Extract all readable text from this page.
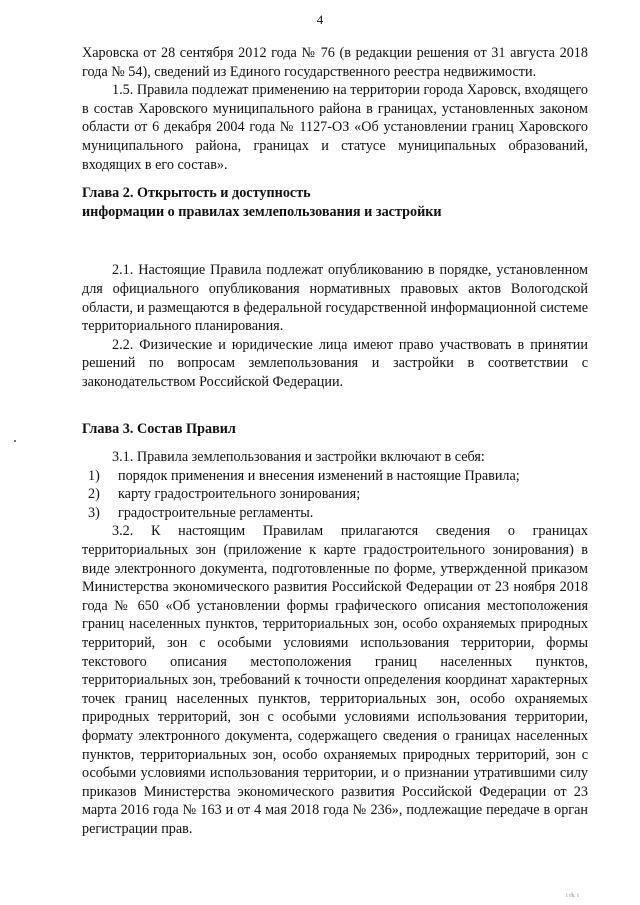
4

Харовска от 28 сентября 2012 года № 76 (в редакции решения от 31 августа 2018 года № 54), сведений из Единого государственного реестра недвижимости.

1.5. Правила подлежат применению на территории города Харовск, входящего в состав Харовского муниципального района в границах, установленных законом области от 6 декабря 2004 года № 1127-ОЗ «Об установлении границ Харовского муниципального района, границах и статусе муниципальных образований, входящих в его состав».

Глава 2. Открытость и доступность

информации о правилах землепользования и застройки

2.1. Настоящие Правила подлежат опубликованию в порядке, установленном для официального опубликования нормативных правовых актов Вологодской области, и размещаются в федеральной государственной информационной системе территориального планирования.

2.2. Физические и юридические лица имеют право участвовать в принятии решений по вопросам землепользования и застройки в соответствии с законодательством Российской Федерации.

Глава 3. Состав Правил

3.1. Правила землепользования и застройки включают в себя:

1) порядок применения и внесения изменений в настоящие Правила;

2) карту градостроительного зонирования;

3) градостроительные регламенты.

3.2. К настоящим Правилам прилагаются сведения о границах территориальных зон (приложение к карте градостроительного зонирования) в виде электронного документа, подготовленные по форме, утвержденной приказом Министерства экономического развития Российской Федерации от 23 ноября 2018 года № 650 «Об установлении формы графического описания местоположения границ населенных пунктов, территориальных зон, особо охраняемых природных территорий, зон с особыми условиями использования территории, формы текстового описания местоположения границ населенных пунктов, территориальных зон, требований к точности определения координат характерных точек границ населенных пунктов, территориальных зон, особо охраняемых природных территорий, зон с особыми условиями использования территории, формату электронного документа, содержащего сведения о границах населенных пунктов, территориальных зон, особо охраняемых природных территорий, зон с особыми условиями использования территории, и о признании утратившими силу приказов Министерства экономического развития Российской Федерации от 23 марта 2016 года № 163 и от 4 мая 2018 года № 236», подлежащие передаче в орган регистрации прав.

і іѣ. і
